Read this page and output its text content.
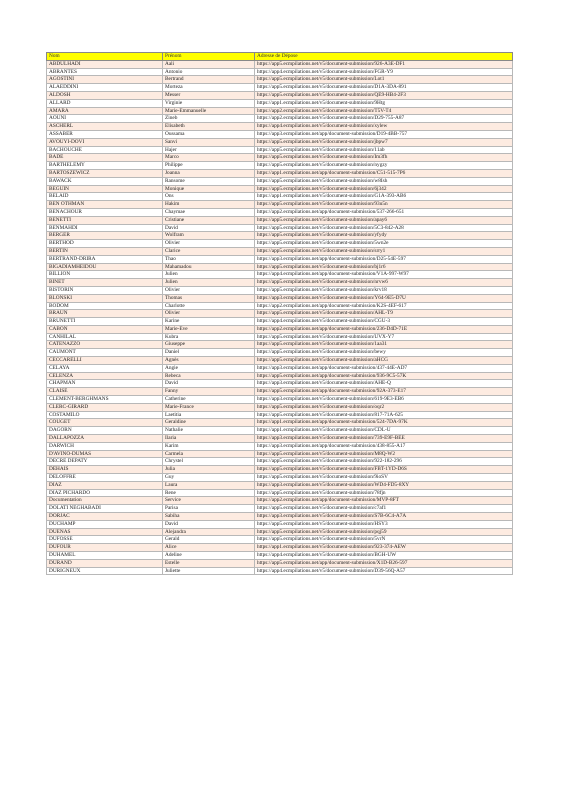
Nom	Prénom	Adresse de Dépose
ABDULHADI	Aali	https://app5.ecmpilations.net/v5/document-submission/926-A3E-DF1
ABRANTES	Antonio	https://app4.ecmpilations.net/v5/document-submission/FGR-Y9
AGOSTINI	Bertrand	https://app5.ecmpilations.net/v5/document-submission/Lot1
ALAEDDINI	Morteza	https://app5.ecmpilations.net/v5/document-submission/D1A-3DA-891
ALDOSH	Messer	https://app5.ecmpilations.net/v5/document-submission/QE9-HB4-2F3
ALLARD	Virginie	https://app1.ecmpilations.net/v5/document-submission/9Htg
AMARA	Marie-Emmanuelle	https://app2.ecmpilations.net/v5/document-submission/T5V-T4
AOUNI	Zineb	https://app2.ecmpilations.net/v5/document-submission/D29-755-A87
ASCHERL	Elisabeth	https://app4.ecmpilations.net/v5/document-submission/xylew
ASSABER	Oussama	https://app3.ecmpilations.net/app/document-submission/D19-4BB-757
AVOUYI-DOVI	Sanvi	https://app5.ecmpilations.net/v5/document-submission/jbpw7
BACHOUCHE	Hajer	https://app5.ecmpilations.net/v5/document-submission/11ab
BADE	Marco	https://app5.ecmpilations.net/v5/document-submission/Im3fh
BARTHELEMY	Philippe	https://app5.ecmpilations.net/v5/document-submission/nygzy
BARTOSZEWICZ	Joanna	https://app1.ecmpilations.net/app/document-submission/C51-515-7P6
BAWACK	Ransome	https://app5.ecmpilations.net/v5/document-submission/w8Ish
BEGUIN	Monique	https://app5.ecmpilations.net/v5/document-submission/6j342
BELAID	Ons	https://app1.ecmpilations.net/v5/document-submission/G1A-393-AB6
BEN OTHMAN	Hakim	https://app5.ecmpilations.net/v5/document-submission/93u5n
BENACHOUR	Chaymae	https://app2.ecmpilations.net/app/document-submission/537-266-651
BENETTI	Cristiane	https://app5.ecmpilations.net/v5/document-submission/apay6
BENMAHDI	David	https://app5.ecmpilations.net/v5/document-submission/5C3-842-A28
BERGER	Wolfram	https://app5.ecmpilations.net/v5/document-submission/yfydy
BERTHOD	Olivier	https://app5.ecmpilations.net/v5/document-submission/5wn2e
BERTIN	Clarice	https://app5.ecmpilations.net/v5/document-submission/srry1
BERTRAND-DRIRA	Thao	https://app3.ecmpilations.net/app/document-submission/D25-54E-597
BIGADIAMHEIDOU	Mahamadou	https://app5.ecmpilations.net/v5/document-submission/bj1r6
BILLION	Julien	https://app4.ecmpilations.net/app/document-submission/V1A-997-W97
BINET	Julien	https://app5.ecmpilations.net/v5/document-submission/nrvw6
BISTORIN	Olivier	https://app5.ecmpilations.net/v5/document-submission/krv18
BLONSKI	Thomas	https://app3.ecmpilations.net/v5/document-submission/Y64-9E5-D7U
BODOM	Charlotte	https://app2.ecmpilations.net/app/document-submission/K2S-4EF-617
BRAUN	Olivier	https://app5.ecmpilations.net/v5/document-submission/AHL-T9
BRUNETTI	Karine	https://app4.ecmpilations.net/v5/document-submission/CGU-3
CABON	Marie-Eve	https://app2.ecmpilations.net/app/document-submission/236-D4D-71E
CANHILAL	Kubra	https://app5.ecmpilations.net/v5/document-submission/UVX-Y7
CATENAZZO	Giuseppe	https://app5.ecmpilations.net/v5/document-submission/1aa31
CAUMONT	Daniel	https://app5.ecmpilations.net/v5/document-submission/bewy
CECCARELLI	Agnès	https://app5.ecmpilations.net/v5/document-submission/aHCG
CELAYA	Angie	https://app3.ecmpilations.net/app/document-submission/437-44E-AD7
CELENZA	Rebeca	https://app5.ecmpilations.net/app/document-submission/936-9C5-57K
CHAPMAN	David	https://app3.ecmpilations.net/v5/document-submission/AHE-Q
CLAISE	Fanny	https://app5.ecmpilations.net/app/document-submission/92A-373-E17
CLEMENT-BERGHMANS	Catherine	https://app3.ecmpilations.net/v5/document-submission/619-9E3-EB6
CLERC-GIRARD	Marie-France	https://app5.ecmpilations.net/v5/document-submission/oqr2
COSTAMILO	Laetitia	https://app5.ecmpilations.net/v5/document-submission/817-71A-625
COUGET	Geraldine	https://app1.ecmpilations.net/app/document-submission/524-7DA-97K
DAGORN	Nathalie	https://app1.ecmpilations.net/v5/document-submission/CDL-U
DALLAPOZZA	Ilaria	https://app3.ecmpilations.net/v5/document-submission/739-E9F-BEE
DARWICH	Karim	https://app3.ecmpilations.net/app/document-submission/438-855-A17
D'AVINO-DUMAS	Carmela	https://app5.ecmpilations.net/v5/document-submission/M8Q-W2
DECRE DEPATY	Chrystel	https://app5.ecmpilations.net/v5/document-submission/922-182-296
DEHAIS	Julia	https://app5.ecmpilations.net/v5/document-submission/FBT-1YD-D6S
DELOFFRE	Guy	https://app5.ecmpilations.net/v5/document-submission/9ioSV
DIAZ	Laura	https://app3.ecmpilations.net/v5/document-submission/WD4-FD5-8XY
DIAZ PICHARDO	Rene	https://app5.ecmpilations.net/v5/document-submission/78fjn
Documentation	Service	https://app2.ecmpilations.net/app/document-submission/MVP-8FT
DOLATI NEGHABADI	Parisa	https://app5.ecmpilations.net/v5/document-submission/c7af1
DORJAC	Sabiha	https://app3.ecmpilations.net/v5/document-submission/S7B-6C4-A7A
DUCHAMP	David	https://app5.ecmpilations.net/v5/document-submission/HSY3
DUENAS	Alejandra	https://app5.ecmpilations.net/v5/document-submission/pqj59
DUFOSSE	Gerald	https://app5.ecmpilations.net/v5/document-submission/5vrN
DUFOUR	Alice	https://app1.ecmpilations.net/v5/document-submission/923-374-AEW
DUHAMEL	Adeline	https://app4.ecmpilations.net/v5/document-submission/BGH-UW
DURAND	Estelle	https://app5.ecmpilations.net/app/document-submission/X1D-B26-597
DURIGNEUX	Juliette	https://app4.ecmpilations.net/v5/document-submission/D39-56Q-A57
